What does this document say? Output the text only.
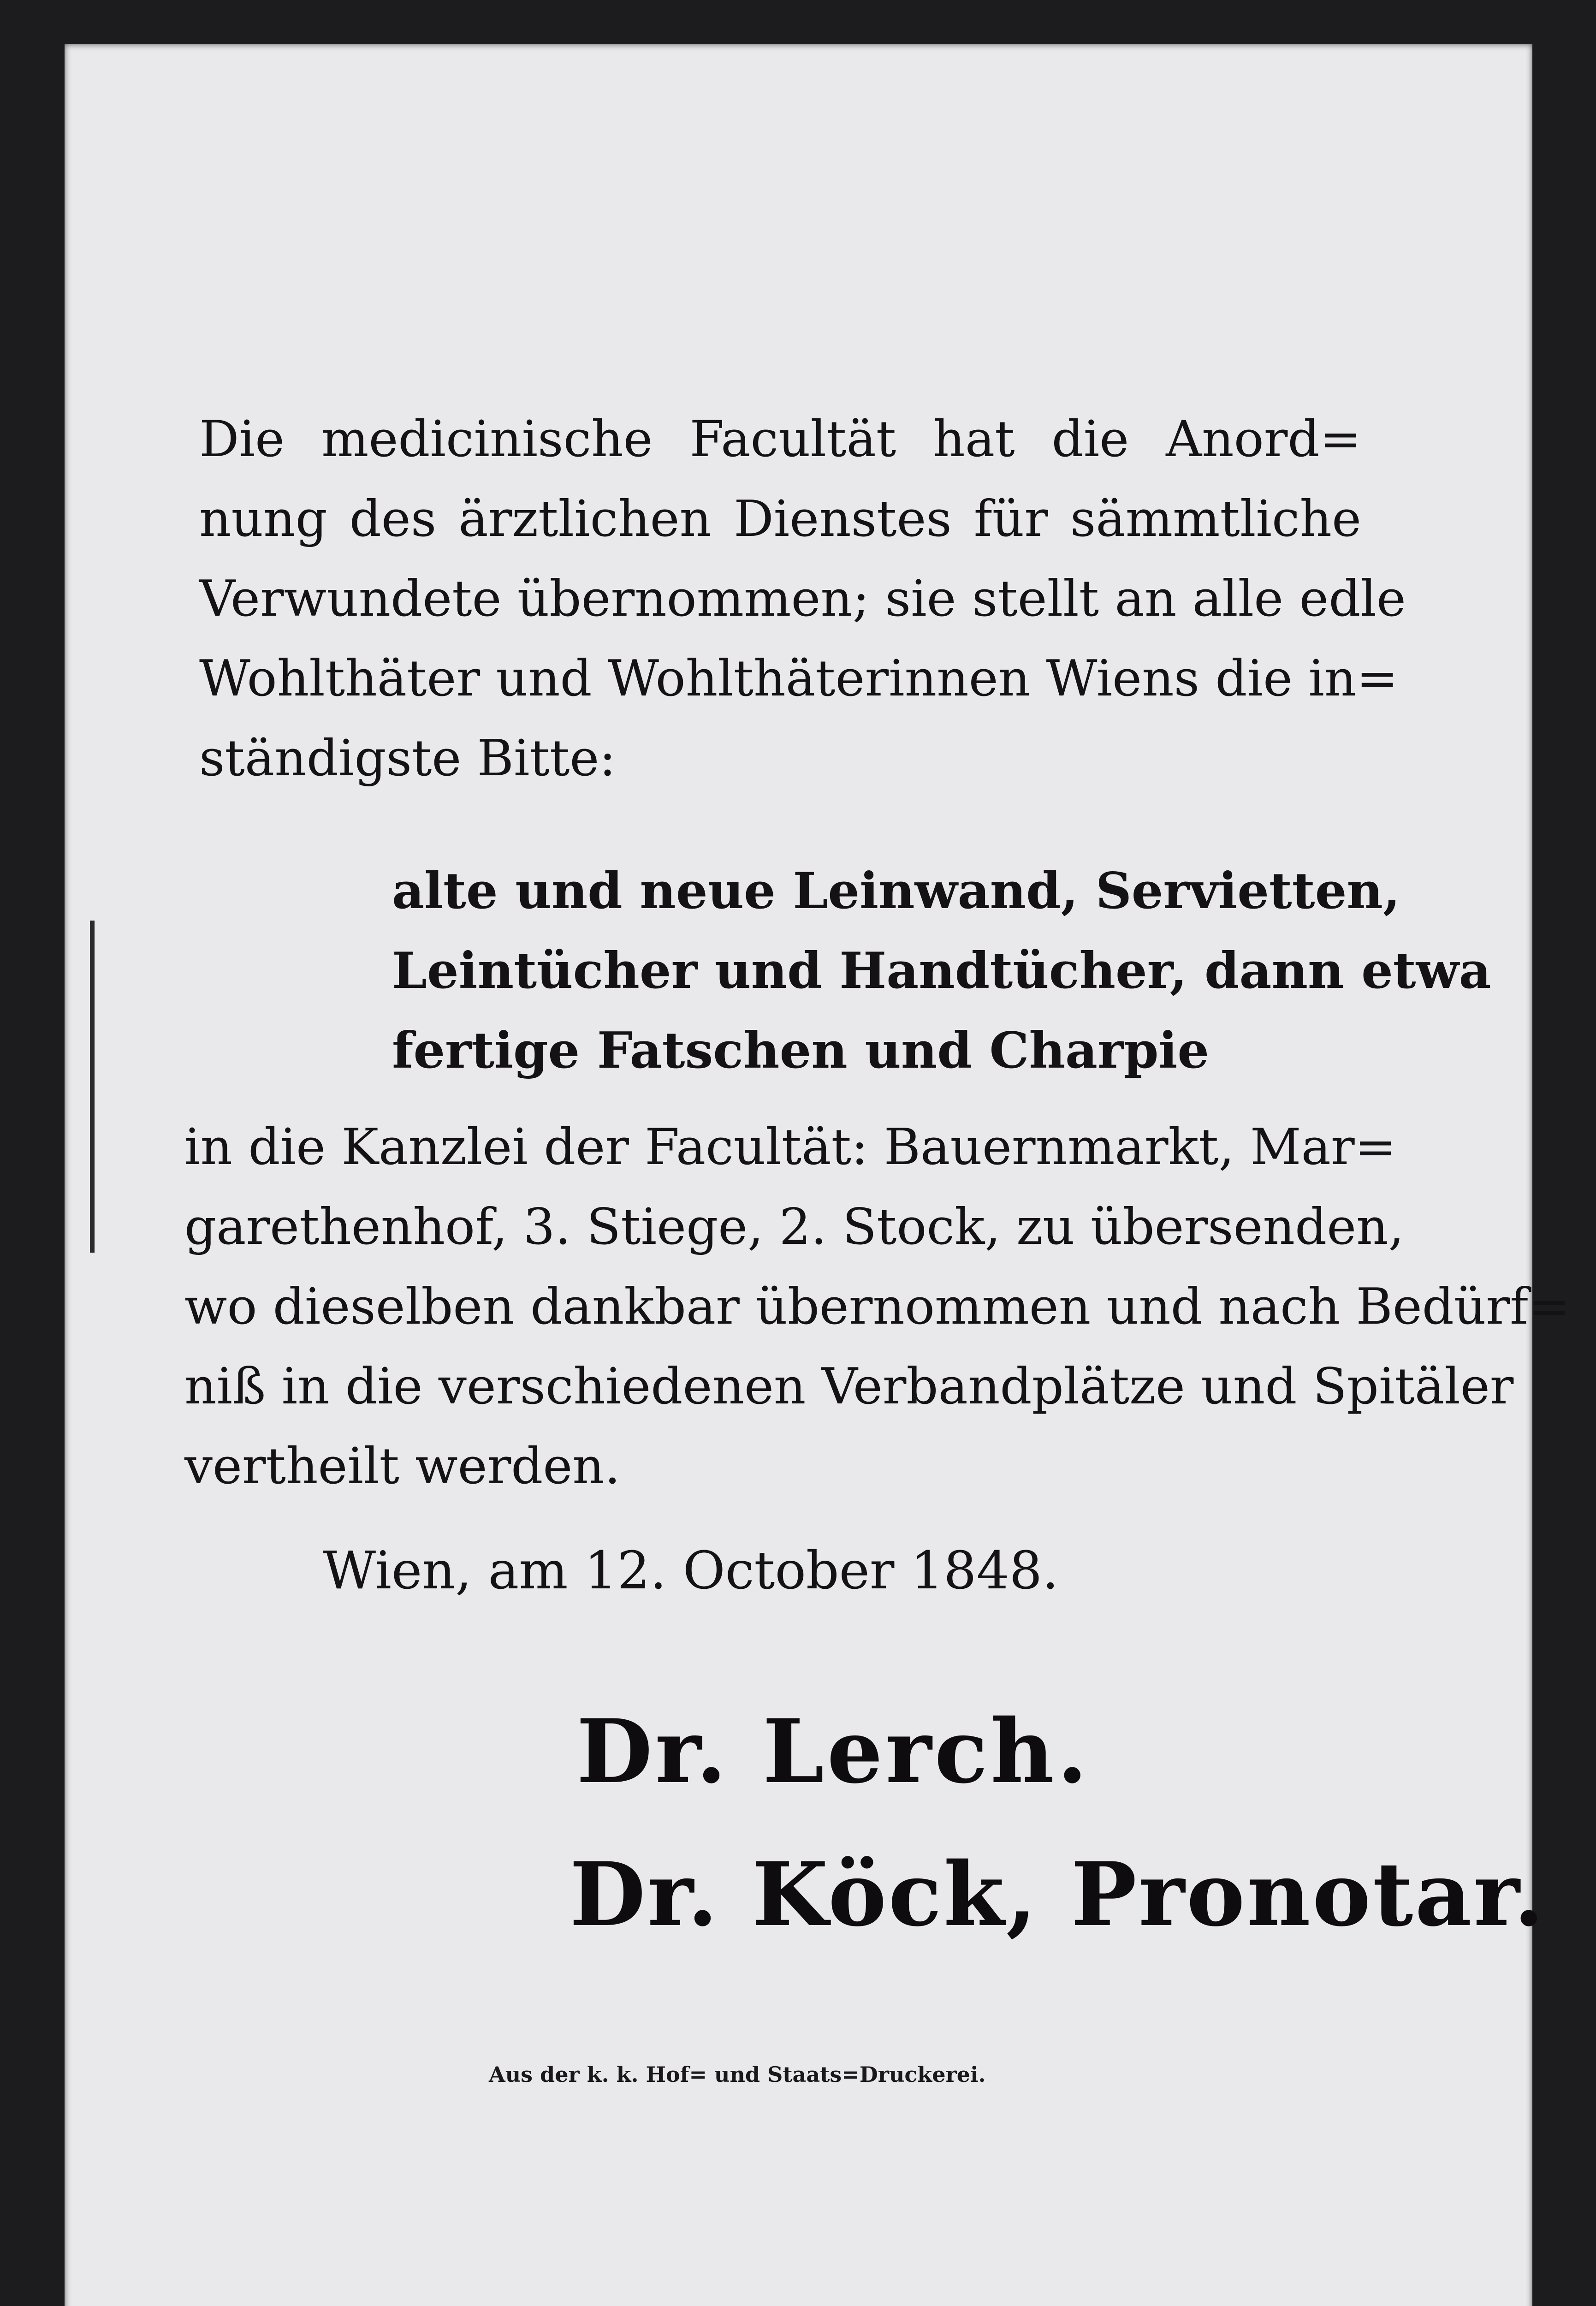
Die medicinische Facultät hat die Anord=
nung des ärztlichen Dienstes für sämmtliche
Verwundete übernommen; sie stellt an alle edle
Wohlthäter und Wohlthäterinnen Wiens die in=
ständigste Bitte:
alte und neue Leinwand, Servietten,
Leintücher und Handtücher, dann etwa
fertige Fatschen und Charpie
in die Kanzlei der Facultät: Bauernmarkt, Mar=
garethenhof, 3. Stiege, 2. Stock, zu übersenden,
wo dieselben dankbar übernommen und nach Bedürf=
niß in die verschiedenen Verbandplätze und Spitäler
vertheilt werden.
Wien, am 12. October 1848.
Dr. Lerch.
Dr. Köck, Pronotar.
Aus der k. k. Hof= und Staats=Druckerei.
